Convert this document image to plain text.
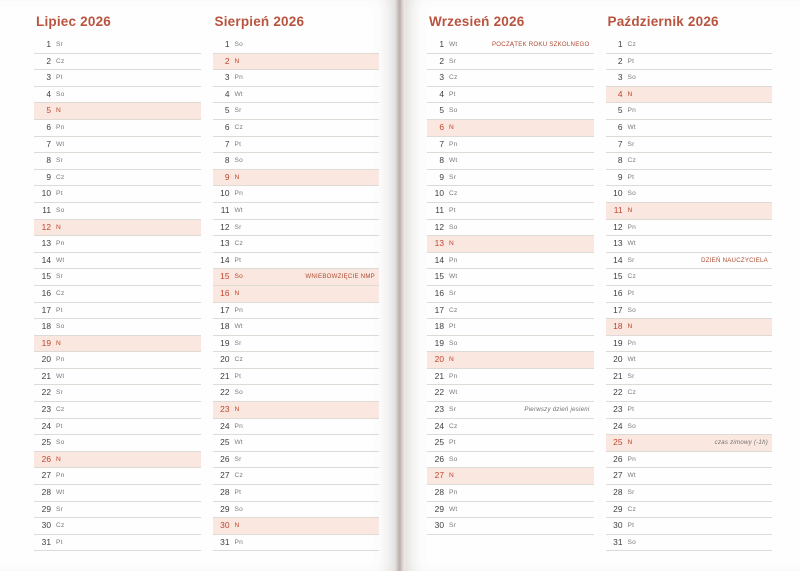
Lipiec 2026
1 Sr
2 Cz
3 Pt
4 So
5 N
6 Pn
7 Wt
8 Sr
9 Cz
10 Pt
11 So
12 N
13 Pn
14 Wt
15 Sr
16 Cz
17 Pt
18 So
19 N
20 Pn
21 Wt
22 Sr
23 Cz
24 Pt
25 So
26 N
27 Pn
28 Wt
29 Sr
30 Cz
31 Pt
Sierpień 2026
1 So
2 N
3 Pn
4 Wt
5 Sr
6 Cz
7 Pt
8 So
9 N
10 Pn
11 Wt
12 Sr
13 Cz
14 Pt
15 So	WNIEBOWZIĘCIE NMP
16 N
17 Pn
18 Wt
19 Sr
20 Cz
21 Pt
22 So
23 N
24 Pn
25 Wt
26 Sr
27 Cz
28 Pt
29 So
30 N
31 Pn
Wrzesień 2026
1 Wt	POCZĄTEK ROKU SZKOLNEGO
2 Sr
3 Cz
4 Pt
5 So
6 N
7 Pn
8 Wt
9 Sr
10 Cz
11 Pt
12 So
13 N
14 Pn
15 Wt
16 Sr
17 Cz
18 Pt
19 So
20 N
21 Pn
22 Wt
23 Sr	Pierwszy dzień jesieni
24 Cz
25 Pt
26 So
27 N
28 Pn
29 Wt
30 Sr
Październik 2026
1 Cz
2 Pt
3 So
4 N
5 Pn
6 Wt
7 Sr
8 Cz
9 Pt
10 So
11 N
12 Pn
13 Wt
14 Sr	DZIEŃ NAUCZYCIELA
15 Cz
16 Pt
17 So
18 N
19 Pn
20 Wt
21 Sr
22 Cz
23 Pt
24 So
25 N	czas zimowy (-1h)
26 Pn
27 Wt
28 Sr
29 Cz
30 Pt
31 So
